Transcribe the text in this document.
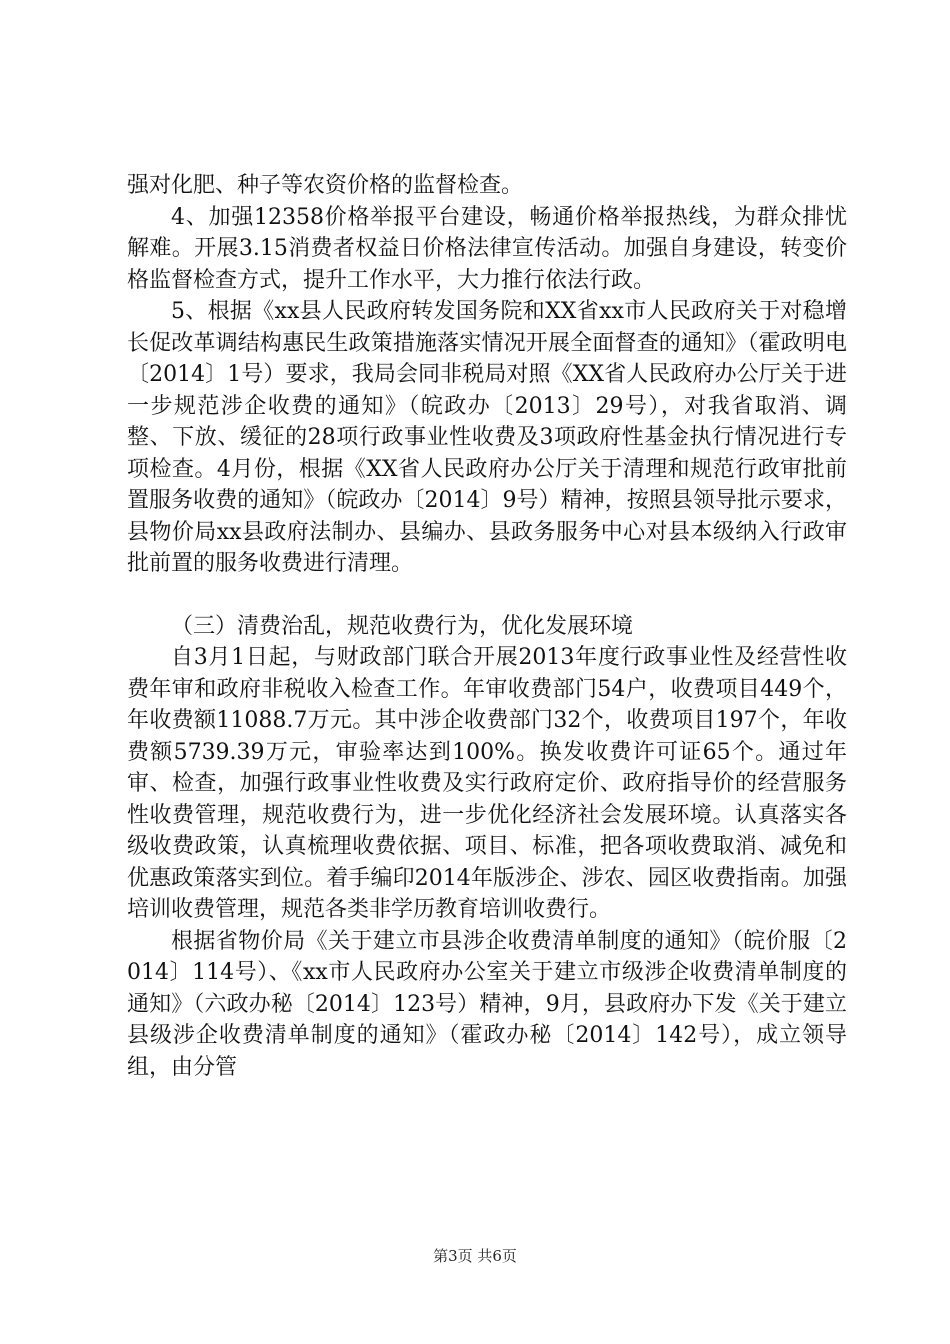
强对化肥、种子等农资价格的监督检查。

4、加强12358价格举报平台建设，畅通价格举报热线，为群众排忧解难。开展3.15消费者权益日价格法律宣传活动。加强自身建设，转变价格监督检查方式，提升工作水平，大力推行依法行政。

5、根据《xx县人民政府转发国务院和XX省xx市人民政府关于对稳增长促改革调结构惠民生政策措施落实情况开展全面督查的通知》（霍政明电〔2014〕1号）要求，我局会同非税局对照《XX省人民政府办公厅关于进一步规范涉企收费的通知》（皖政办〔2013〕29号），对我省取消、调整、下放、缓征的28项行政事业性收费及3项政府性基金执行情况进行专项检查。4月份，根据《XX省人民政府办公厅关于清理和规范行政审批前置服务收费的通知》（皖政办〔2014〕9号）精神，按照县领导批示要求，县物价局xx县政府法制办、县编办、县政务服务中心对县本级纳入行政审批前置的服务收费进行清理。

（三）清费治乱，规范收费行为，优化发展环境

自3月1日起，与财政部门联合开展2013年度行政事业性及经营性收费年审和政府非税收入检查工作。年审收费部门54户，收费项目449个，年收费额11088.7万元。其中涉企收费部门32个，收费项目197个，年收费额5739.39万元，审验率达到100%。换发收费许可证65个。通过年审、检查，加强行政事业性收费及实行政府定价、政府指导价的经营服务性收费管理，规范收费行为，进一步优化经济社会发展环境。认真落实各级收费政策，认真梳理收费依据、项目、标准，把各项收费取消、减免和优惠政策落实到位。着手编印2014年版涉企、涉农、园区收费指南。加强培训收费管理，规范各类非学历教育培训收费行。

根据省物价局《关于建立市县涉企收费清单制度的通知》（皖价服〔2014〕114号）、《xx市人民政府办公室关于建立市级涉企收费清单制度的通知》（六政办秘〔2014〕123号）精神，9月，县政府办下发《关于建立县级涉企收费清单制度的通知》（霍政办秘〔2014〕142号），成立领导组，由分管

第3页 共6页
